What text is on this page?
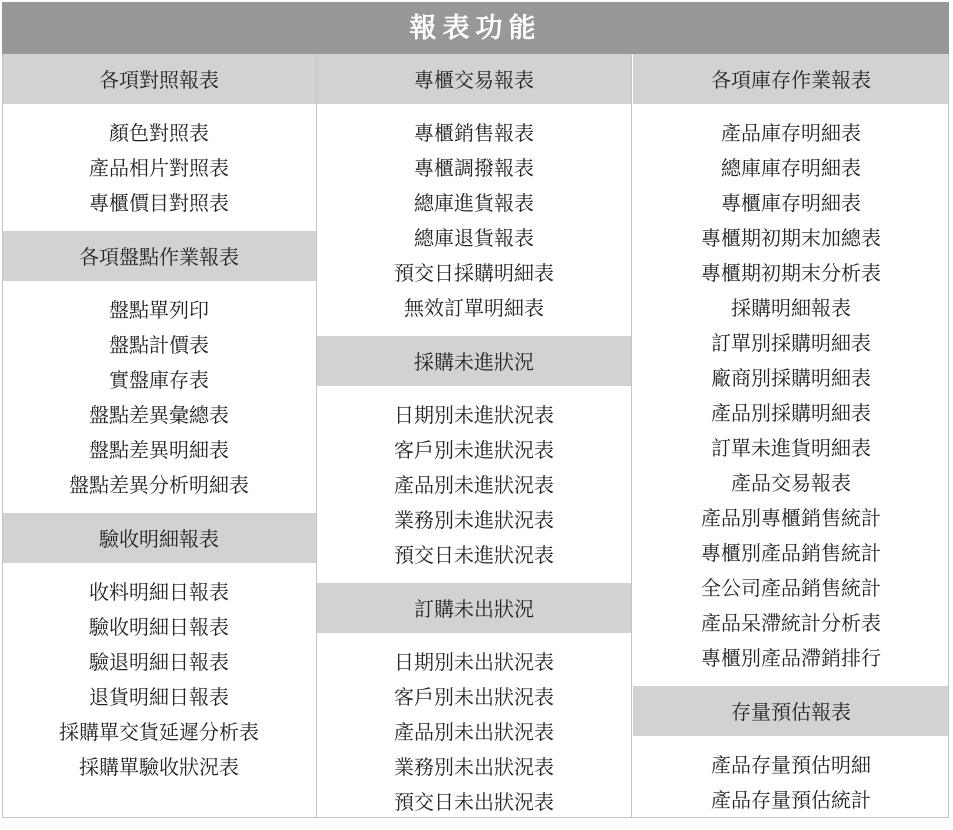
報表功能
各項對照報表
顏色對照表
產品相片對照表
專櫃價目對照表
各項盤點作業報表
盤點單列印
盤點計價表
實盤庫存表
盤點差異彙總表
盤點差異明細表
盤點差異分析明細表
驗收明細報表
收料明細日報表
驗收明細日報表
驗退明細日報表
退貨明細日報表
採購單交貨延遲分析表
採購單驗收狀況表
專櫃交易報表
專櫃銷售報表
專櫃調撥報表
總庫進貨報表
總庫退貨報表
預交日採購明細表
無效訂單明細表
採購未進狀況
日期別未進狀況表
客戶別未進狀況表
產品別未進狀況表
業務別未進狀況表
預交日未進狀況表
訂購未出狀況
日期別未出狀況表
客戶別未出狀況表
產品別未出狀況表
業務別未出狀況表
預交日未出狀況表
各項庫存作業報表
產品庫存明細表
總庫庫存明細表
專櫃庫存明細表
專櫃期初期末加總表
專櫃期初期末分析表
採購明細報表
訂單別採購明細表
廠商別採購明細表
產品別採購明細表
訂單未進貨明細表
產品交易報表
產品別專櫃銷售統計
專櫃別產品銷售統計
全公司產品銷售統計
產品呆滯統計分析表
專櫃別產品滯銷排行
存量預估報表
產品存量預估明細
產品存量預估統計
